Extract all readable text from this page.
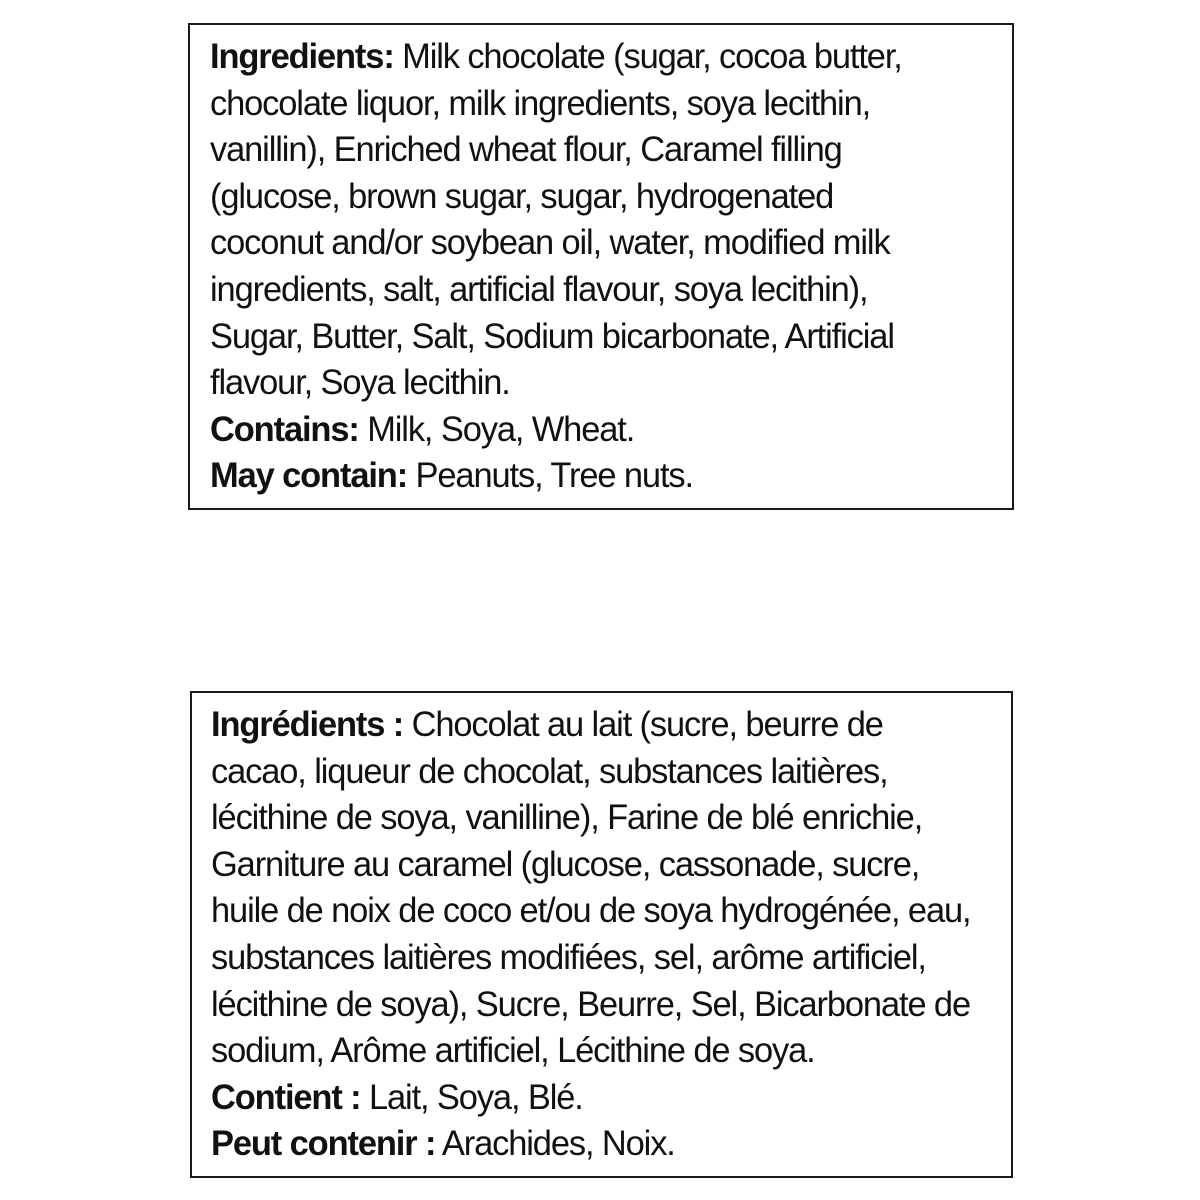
Ingredients: Milk chocolate (sugar, cocoa butter,
chocolate liquor, milk ingredients, soya lecithin,
vanillin), Enriched wheat flour, Caramel filling
(glucose, brown sugar, sugar, hydrogenated
coconut and/or soybean oil, water, modified milk
ingredients, salt, artificial flavour, soya lecithin),
Sugar, Butter, Salt, Sodium bicarbonate, Artificial
flavour, Soya lecithin.
Contains: Milk, Soya, Wheat.
May contain: Peanuts, Tree nuts.

Ingrédients : Chocolat au lait (sucre, beurre de
cacao, liqueur de chocolat, substances laitières,
lécithine de soya, vanilline), Farine de blé enrichie,
Garniture au caramel (glucose, cassonade, sucre,
huile de noix de coco et/ou de soya hydrogénée, eau,
substances laitières modifiées, sel, arôme artificiel,
lécithine de soya), Sucre, Beurre, Sel, Bicarbonate de
sodium, Arôme artificiel, Lécithine de soya.
Contient : Lait, Soya, Blé.
Peut contenir : Arachides, Noix.
